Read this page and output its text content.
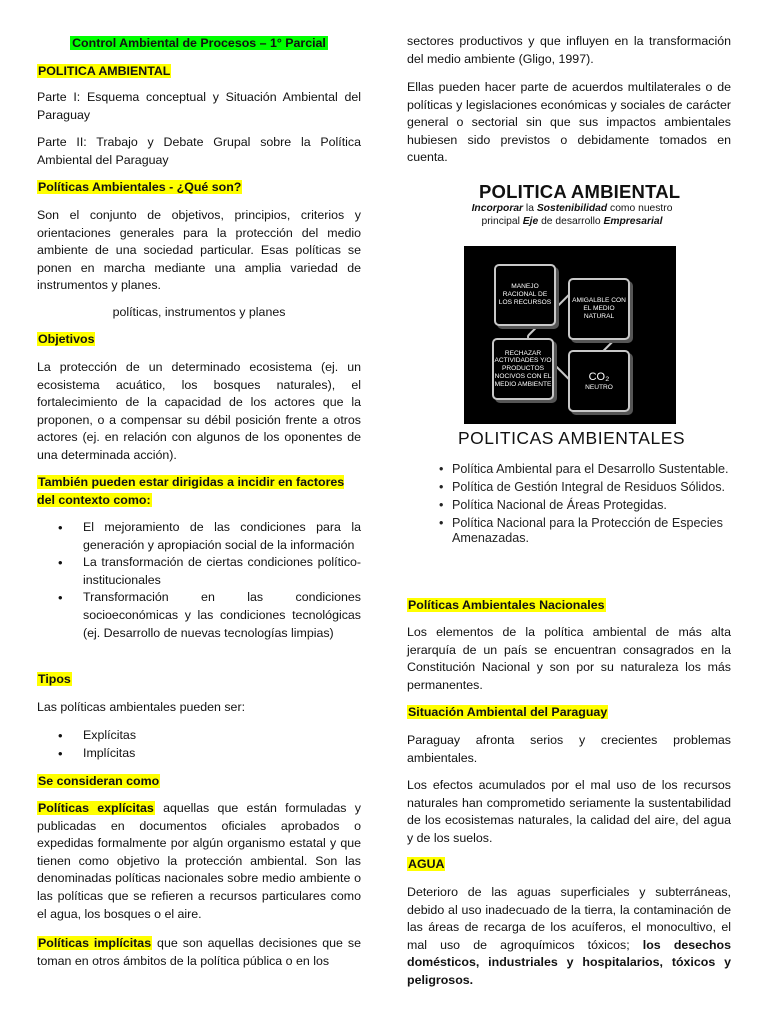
Control Ambiental de Procesos – 1° Parcial
POLITICA AMBIENTAL

Parte I: Esquema conceptual y Situación Ambiental del Paraguay

Parte II: Trabajo y Debate Grupal sobre la Política Ambiental del Paraguay

Políticas Ambientales - ¿Qué son?

Son el conjunto de objetivos, principios, criterios y orientaciones generales para la protección del medio ambiente de una sociedad particular. Esas políticas se ponen en marcha mediante una amplia variedad de instrumentos y planes.

políticas, instrumentos y planes

Objetivos

La protección de un determinado ecosistema (ej. un ecosistema acuático, los bosques naturales), el fortalecimiento de la capacidad de los actores que la proponen, o a compensar su débil posición frente a otros actores (ej. en relación con algunos de los oponentes de una determinada acción).

También pueden estar dirigidas a incidir en factores del contexto como:
• El mejoramiento de las condiciones para la generación y apropiación social de la información
• La transformación de ciertas condiciones político-institucionales
• Transformación en las condiciones socioeconómicas y las condiciones tecnológicas (ej. Desarrollo de nuevas tecnologías limpias)
Tipos

Las políticas ambientales pueden ser:

• Explícitas
• Implícitas
Se consideran como

Políticas explícitas aquellas que están formuladas y publicadas en documentos oficiales aprobados o expedidas formalmente por algún organismo estatal y que tienen como objetivo la protección ambiental. Son las denominadas políticas nacionales sobre medio ambiente o las políticas que se refieren a recursos particulares como el agua, los bosques o el aire.

Políticas implícitas que son aquellas decisiones que se toman en otros ámbitos de la política pública o en los

sectores productivos y que influyen en la transformación del medio ambiente (Gligo, 1997).

Ellas pueden hacer parte de acuerdos multilaterales o de políticas y legislaciones económicas y sociales de carácter general o sectorial sin que sus impactos ambientales hubiesen sido previstos o debidamente tomados en cuenta.

POLITICA AMBIENTAL
Incorporar la Sostenibilidad como nuestro principal Eje de desarrollo Empresarial
MANEJO RACIONAL DE LOS RECURSOS	AMIGALBLE CON EL MEDIO NATURAL
RECHAZAR ACTIVIDADES Y/O PRODUCTOS NOCIVOS CON EL MEDIO AMBIENTE
CO₂
NEUTRO
POLITICAS AMBIENTALES
• Política Ambiental para el Desarrollo Sustentable.
• Política de Gestión Integral de Residuos Sólidos.
• Política Nacional de Áreas Protegidas.
• Política Nacional para la Protección de Especies Amenazadas.
Políticas Ambientales Nacionales

Los elementos de la política ambiental de más alta jerarquía de un país se encuentran consagrados en la Constitución Nacional y son por su naturaleza los más permanentes.

Situación Ambiental del Paraguay

Paraguay afronta serios y crecientes problemas ambientales.

Los efectos acumulados por el mal uso de los recursos naturales han comprometido seriamente la sustentabilidad de los ecosistemas naturales, la calidad del aire, del agua y de los suelos.

AGUA

Deterioro de las aguas superficiales y subterráneas, debido al uso inadecuado de la tierra, la contaminación de las áreas de recarga de los acuíferos, el monocultivo, el mal uso de agroquímicos tóxicos; los desechos domésticos, industriales y hospitalarios, tóxicos y peligrosos.
